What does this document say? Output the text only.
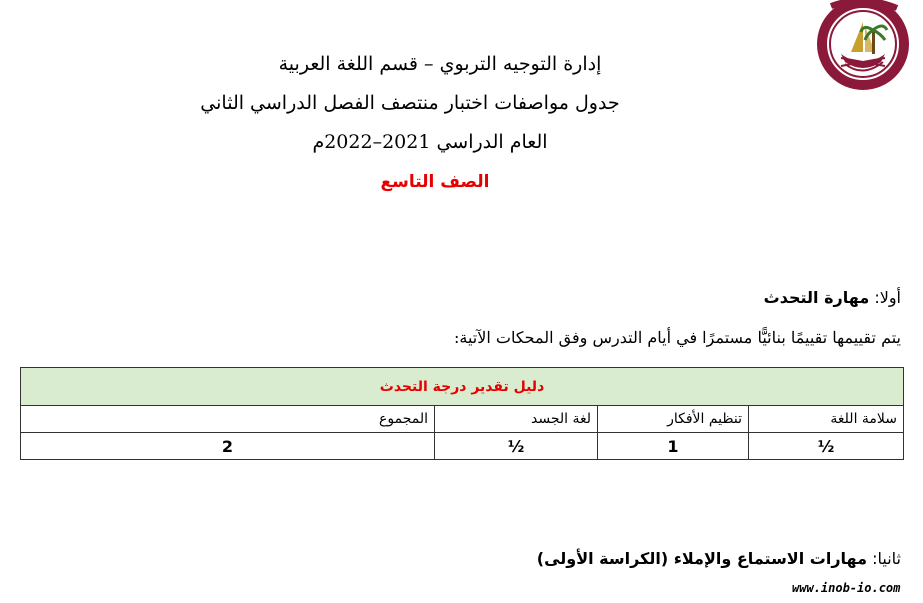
إدارة التوجيه التربوي – قسم اللغة العربية
جدول مواصفات اختبار منتصف الفصل الدراسي الثاني
العام الدراسي 2021–2022م
الصف التاسع
أولا: مهارة التحدث
يتم تقييمها تقييمًا بنائيًّا مستمرًا في أيام التدرس وفق المحكات الآتية:
دليل تقدير درجة التحدث			
سلامة اللغة	تنظيم الأفكار	لغة الجسد	المجموع
½	1	½	2
ثانيا: مهارات الاستماع والإملاء (الكراسة الأولى)
www.inob-io.com
